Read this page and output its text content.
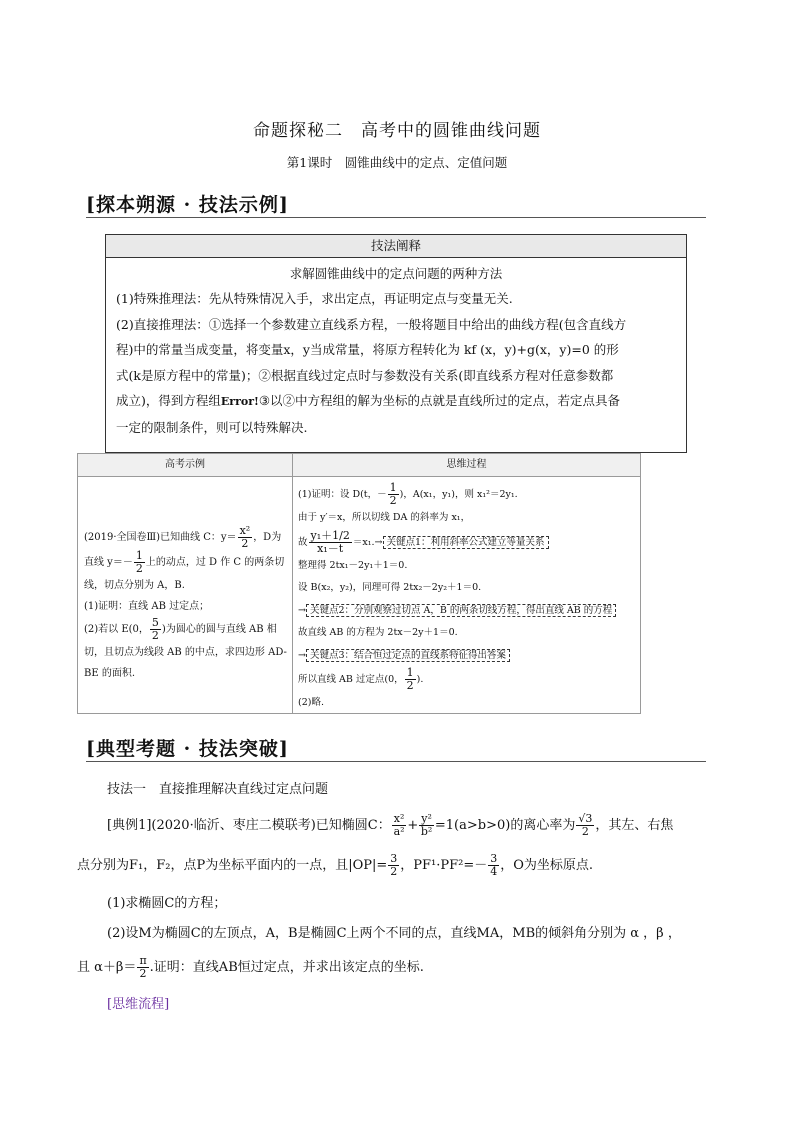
命题探秘二　高考中的圆锥曲线问题
第1课时　圆锥曲线中的定点、定值问题
[探本朔源 · 技法示例]
技法阐释
求解圆锥曲线中的定点问题的两种方法

(1)特殊推理法：先从特殊情况入手，求出定点，再证明定点与变量无关.

(2)直接推理法：①选择一个参数建立直线系方程，一般将题目中给出的曲线方程(包含直线方

程)中的常量当成变量，将变量x，y当成常量，将原方程转化为 kf (x，y)+g(x，y)=0 的形

式(k是原方程中的常量)；②根据直线过定点时与参数没有关系(即直线系方程对任意参数都

成立)，得到方程组Error!③以②中方程组的解为坐标的点就是直线所过的定点，若定点具备

一定的限制条件，则可以特殊解决.

高考示例	思维过程
(2019·全国卷Ⅲ)已知曲线 C：$y= \frac{\text{x²}}{2}$ ，D为
直线 $y=- \frac{1}{2}$ 上的动点，过 D 作 C 的两条切
线，切点分别为 A，B.
(1)证明：直线 AB 过定点；
(2)若以 E(0， $\frac{5}{2}$ )为圆心的圆与直线 AB 相
切，且切点为线段 AB 的中点，求四边形 AD-
BE 的面积.
(1)证明：设 D(t，－ $\frac{1}{2}$ )，A(x₁，y₁)，则 x₁²＝2y₁.
由于 y′＝x，所以切线 DA 的斜率为 x₁，
故 $\frac{\text{y₁＋1/2}}{\text{x₁－t}} =x_1.\to$ 关键点1：利用斜率公式建立等量关系
整理得 2tx₁－2y₁＋1＝0.
设 B(x₂，y₂)，同理可得 2tx₂－2y₂＋1＝0.
→ 关键点2：分别观察过切点 A，B 的两条切线方程，得出直线 AB 的方程
故直线 AB 的方程为 2tx－2y＋1＝0.
→ 关键点3：结合恒过定点的直线系特征得出答案
所以直线 AB 过定点(0， $\frac{1}{2}$ ).
(2)略.
[典型考题 · 技法突破]
技法一　直接推理解决直线过定点问题
[典例1](2020·临沂、枣庄二模联考)已知椭圆C： $\frac{\text{x²}}{\text{a²}} + \frac{\text{y²}}{\text{b²}} =1(a>b>0)$的离心率为 $\frac{√3}{2}$ ，其左、右焦
点分别为F₁，F₂，点P为坐标平面内的一点，且$|OP|= \frac{3}{2}$ ，$PF^1\cdot PF^2=- \frac{3}{4}$ ，O为坐标原点.
(1)求椭圆C的方程；
(2)设M为椭圆C的左顶点，A，B是椭圆C上两个不同的点，直线MA，MB的倾斜角分别为 α ，β ，
且 $\alpha+\beta= \frac{\pi}{2}$ .证明：直线AB恒过定点，并求出该定点的坐标.
[思维流程]
